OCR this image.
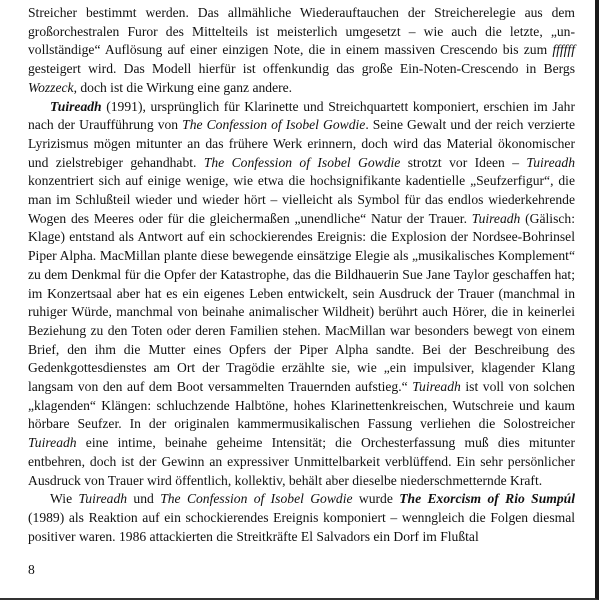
Streicher bestimmt werden. Das allmähliche Wiederauftauchen der Streicherelegie aus dem großorchestralen Furor des Mittelteils ist meisterlich umgesetzt – wie auch die letzte, „unvollständige“ Auflösung auf einer einzigen Note, die in einem massiven Crescendo bis zum ffffff gesteigert wird. Das Modell hierfür ist offenkundig das große Ein-Noten-Crescendo in Bergs Wozzeck, doch ist die Wirkung eine ganz andere.

Tuireadh (1991), ursprünglich für Klarinette und Streichquartett komponiert, erschien im Jahr nach der Uraufführung von The Confession of Isobel Gowdie. Seine Gewalt und der reich verzierte Lyrizismus mögen mitunter an das frühere Werk erinnern, doch wird das Material ökonomischer und zielstrebiger gehandhabt. The Confession of Isobel Gowdie strotzt vor Ideen – Tuireadh konzentriert sich auf einige wenige, wie etwa die hochsignifikante kadentielle „Seufzerfigur“, die man im Schlußteil wieder und wieder hört – vielleicht als Symbol für das endlos wiederkehrende Wogen des Meeres oder für die gleichermaßen „unendliche“ Natur der Trauer. Tuireadh (Gälisch: Klage) entstand als Antwort auf ein schockierendes Ereignis: die Explosion der Nordsee-Bohrinsel Piper Alpha. MacMillan plante diese bewegende einsätzige Elegie als „musikalisches Komplement“ zu dem Denkmal für die Opfer der Katastrophe, das die Bildhauerin Sue Jane Taylor geschaffen hat; im Konzertsaal aber hat es ein eigenes Leben entwickelt, sein Ausdruck der Trauer (manchmal in ruhiger Würde, manchmal von beinahe animalischer Wildheit) berührt auch Hörer, die in keinerlei Beziehung zu den Toten oder deren Familien stehen. MacMillan war besonders bewegt von einem Brief, den ihm die Mutter eines Opfers der Piper Alpha sandte. Bei der Beschreibung des Gedenkgottesdienstes am Ort der Tragödie erzählte sie, wie „ein impulsiver, klagender Klang langsam von den auf dem Boot versammelten Trauernden aufstieg.“ Tuireadh ist voll von solchen „klagenden“ Klängen: schluchzende Halbtöne, hohes Klarinettenkreischen, Wutschreie und kaum hörbare Seufzer. In der originalen kammermusikalischen Fassung verliehen die Solostreicher Tuireadh eine intime, beinahe geheime Intensität; die Orchesterfassung muß dies mitunter entbehren, doch ist der Gewinn an expressiver Unmittelbarkeit verblüffend. Ein sehr persönlicher Ausdruck von Trauer wird öffentlich, kollektiv, behält aber dieselbe niederschmetternde Kraft.

Wie Tuireadh und The Confession of Isobel Gowdie wurde The Exorcism of Rio Sumpúl (1989) als Reaktion auf ein schockierendes Ereignis komponiert – wenngleich die Folgen diesmal positiver waren. 1986 attackierten die Streitkräfte El Salvadors ein Dorf im Flußtal

8
